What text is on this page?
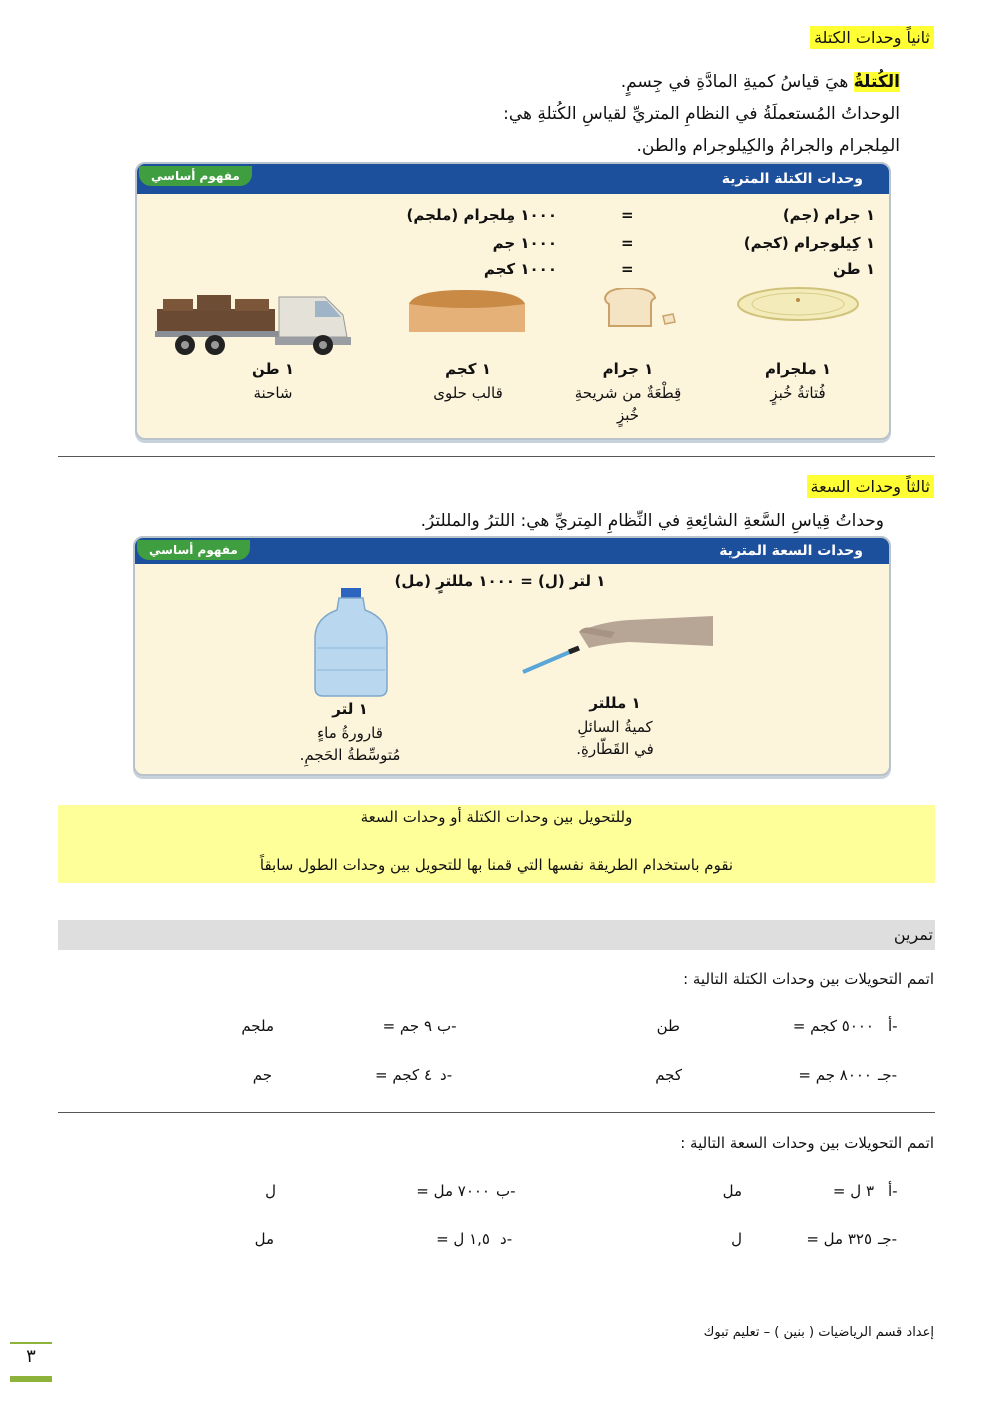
ثانياً وحدات الكتلة
الكُتلةُ هيَ قياسُ كميةِ المادَّةِ في جِسمٍ.
الوحداتُ المُستعملَةُ في النظامِ المتريِّ لقياسِ الكُتلةِ هي:
المِلجرام والجرامُ والكِيلوجرام والطن.
وحدات الكتلة المترية
مفهوم أساسي
١ جرام (جم)
=
١٠٠٠ مِلجرام (ملجم)
١ كِيلوجرام (كجم)
=
١٠٠٠ جم
١ طن
=
١٠٠٠ كجم
١ ملجرام
فُتاتةُ خُبزٍ
١ جرام
قِطْعَةٌ من شريحةِ خُبزٍ
١ كجم
قالب حلوى
١ طن
شاحنة
ثالثاً وحدات السعة
وحداتُ قِياسِ السَّعةِ الشائِعةِ في النِّظامِ المِتريِّ هي: اللترُ والمللترُ.
وحدات السعة المترية
مفهوم أساسي
١ لتر (ل) = ١٠٠٠ مللترٍ (مل)
١ مللتر
كميةُ السائلِ
في القَطّارةِ.
١ لتر
قارورةُ ماءٍ
مُتوسِّطةُ الحَجمِ.
وللتحويل بين وحدات الكتلة أو وحدات السعة
نقوم باستخدام الطريقة نفسها التي قمنا بها للتحويل بين وحدات الطول سابقاً
تمرين
اتمم التحويلات بين وحدات الكتلة التالية :
أ-
٥٠٠٠ كجم =
طن
ب-
٩ جم =
ملجم
جـ-
٨٠٠٠ جم =
كجم
د-
٤ كجم =
جم
اتمم التحويلات بين وحدات السعة التالية :
أ-
٣ ل =
مل
ب-
٧٠٠٠ مل =
ل
جـ-
٣٢٥ مل =
ل
د-
١,٥ ل =
مل
إعداد قسم الرياضيات ( بنين ) – تعليم تبوك
٣
